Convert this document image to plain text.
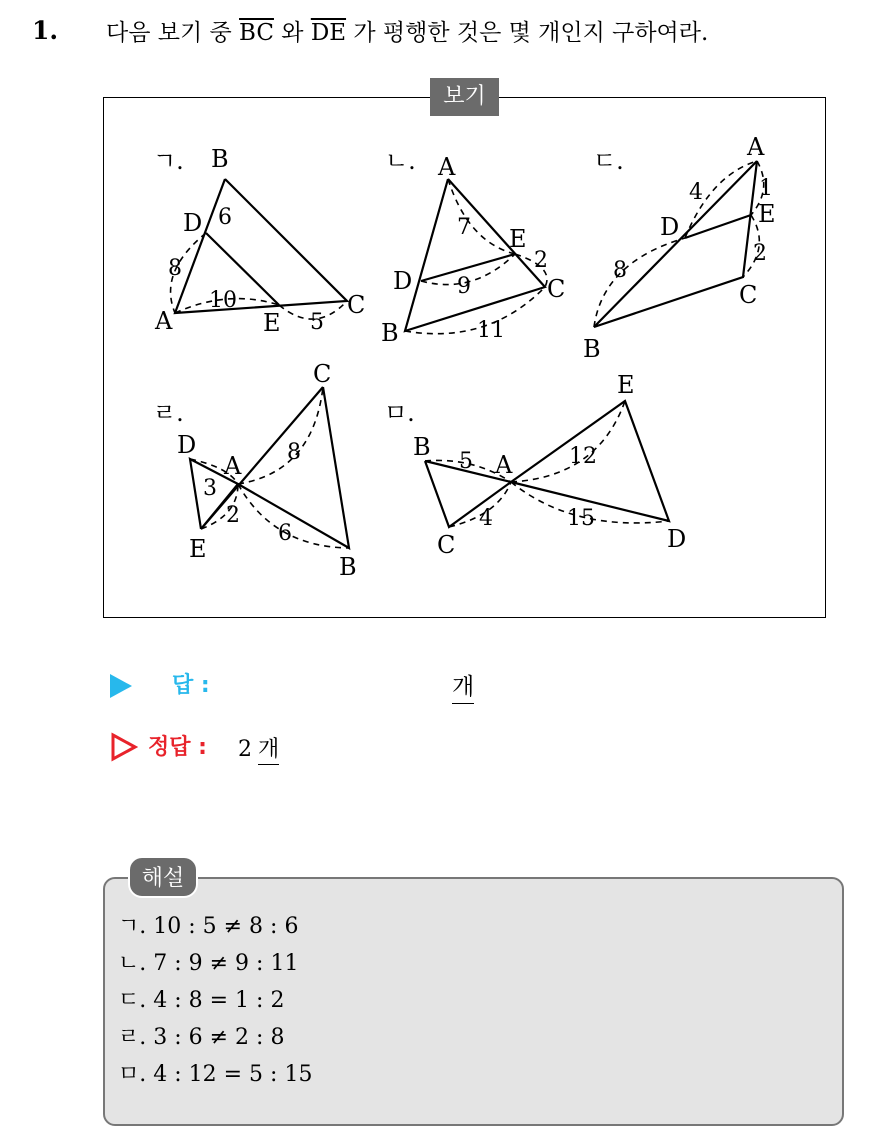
1. 다음 보기 중 $\overline{BC}$ 와 $\overline{DE}$ 가 평행한 것은 몇 개인지 구하여라.
ㄱ. B
A
D
E
C
6
8
10
5
ㄴ. A
D
E
B
C
7
9
2
11
ㄷ.	A
D	E
C
B
4	1
8
2
ㄹ.
C
D
A
E
B
8
3
2
6
ㅁ.
E
B
A
C	D
5	12
4	15
보기
답 :	개
정답 : 2 개
해설
ㄱ. 10 : 5 ≠ 8 : 6
ㄴ. 7 : 9 ≠ 9 : 11
ㄷ. 4 : 8 = 1 : 2
ㄹ. 3 : 6 ≠ 2 : 8
ㅁ. 4 : 12 = 5 : 15
